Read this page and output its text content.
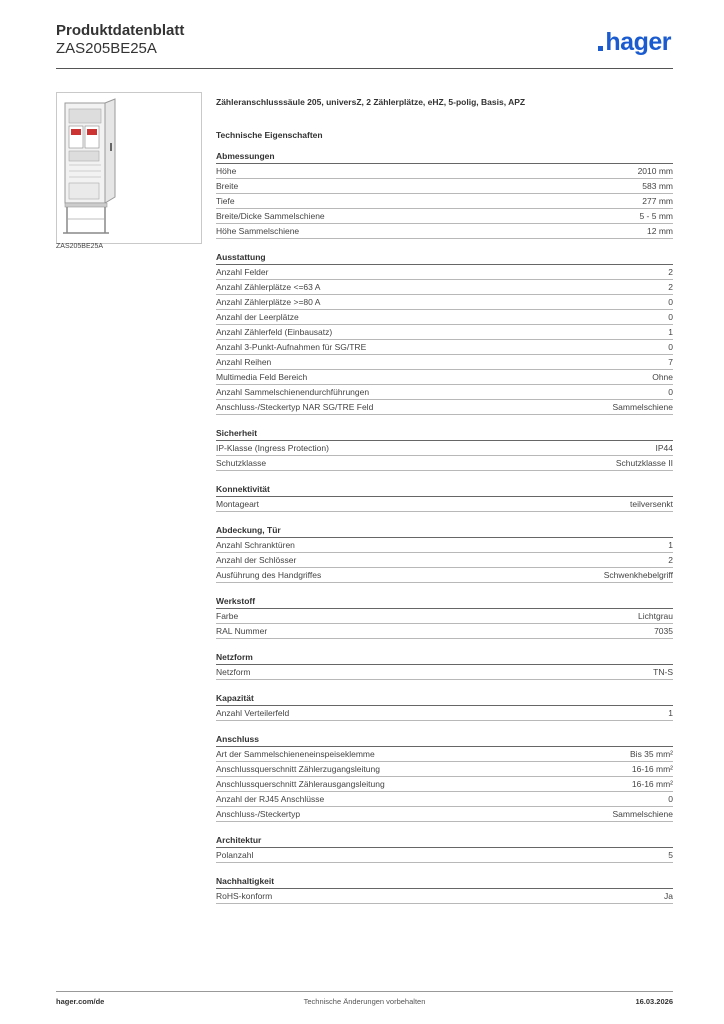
Produktdatenblatt
ZAS205BE25A	hager
ZAS205BE25A
Zähleranschlusssäule 205, universZ, 2 Zählerplätze, eHZ, 5-polig, Basis, APZ
Technische Eigenschaften
Abmessungen
Höhe	2010 mm
Breite	583 mm
Tiefe	277 mm
Breite/Dicke Sammelschiene	5 - 5 mm
Höhe Sammelschiene	12 mm
Ausstattung
Anzahl Felder	2
Anzahl Zählerplätze <=63 A	2
Anzahl Zählerplätze >=80 A	0
Anzahl der Leerplätze	0
Anzahl Zählerfeld (Einbausatz)	1
Anzahl 3-Punkt-Aufnahmen für SG/TRE	0
Anzahl Reihen	7
Multimedia Feld Bereich	Ohne
Anzahl Sammelschienendurchführungen	0
Anschluss-/Steckertyp NAR SG/TRE Feld	Sammelschiene
Sicherheit
IP-Klasse (Ingress Protection)	IP44
Schutzklasse	Schutzklasse II
Konnektivität
Montageart	teilversenkt
Abdeckung, Tür
Anzahl Schranktüren	1
Anzahl der Schlösser	2
Ausführung des Handgriffes	Schwenkhebelgriff
Werkstoff
Farbe	Lichtgrau
RAL Nummer	7035
Netzform
Netzform	TN-S
Kapazität
Anzahl Verteilerfeld	1
Anschluss
Art der Sammelschieneneinspeiseklemme	Bis 35 mm²
Anschlussquerschnitt Zählerzugangsleitung	16-16 mm²
Anschlussquerschnitt Zählerausgangsleitung	16-16 mm²
Anzahl der RJ45 Anschlüsse	0
Anschluss-/Steckertyp	Sammelschiene
Architektur
Polanzahl	5
Nachhaltigkeit
RoHS-konform	Ja
hager.com/de	Technische Änderungen vorbehalten	16.03.2026
